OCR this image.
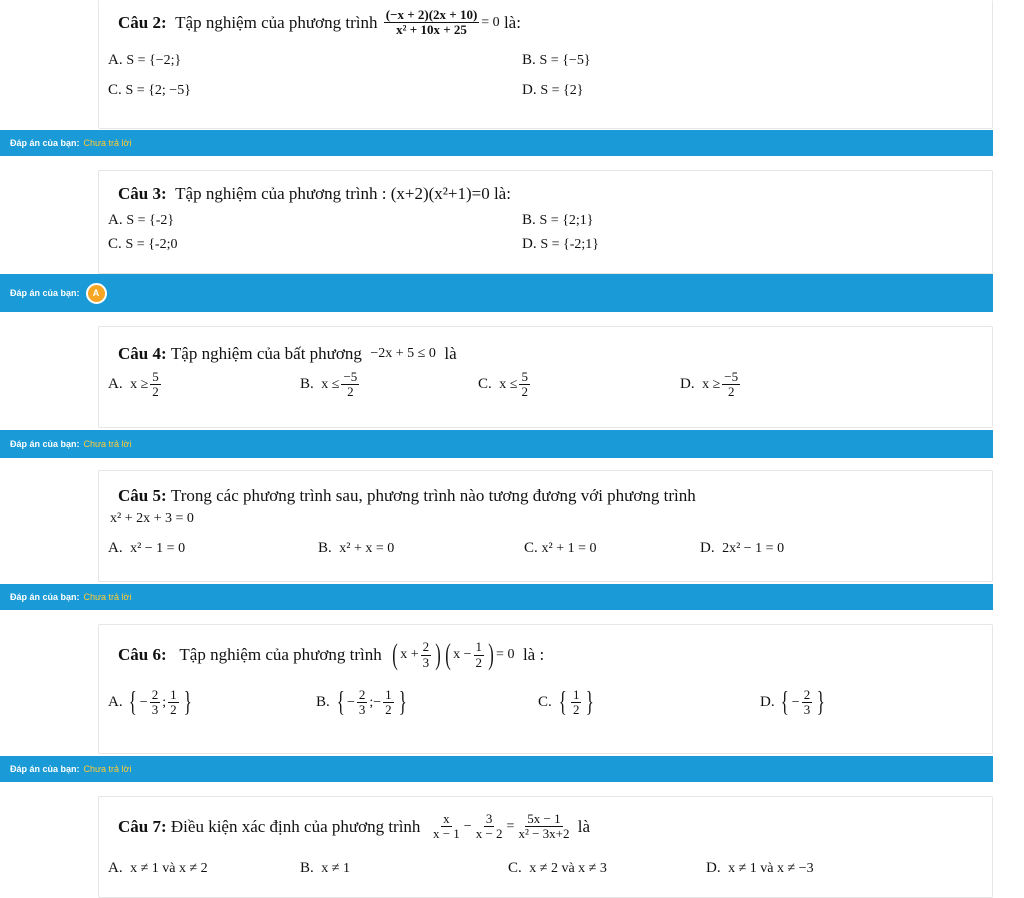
Câu 2:
Tập nghiệm của phương trình
$\frac{(-x + 2)(2x + 10)}{\text{x² + 10x + 25}} = 0$
là:
A.
S = {−2;}	B.
S = {−5}
C.
S = {2; −5}	D.
S = {2}
Đáp án của bạn: Chưa trả lời
Câu 3: Tập nghiệm của phương trình : (x+2)(x²+1)=0 là:
A.
S = {-2}	B.
S = {2;1}
C.
S = {-2;0	D.
S = {-2;1}
Đáp án của bạn:	A
Câu 4:
Tập nghiệm của bất phương
−2x + 5 ≤ 0
là
A.
$x \ge \frac{5}{2}$	B.
$x \le \frac{-5}{2}$	C.
$x \le \frac{5}{2}$	D.
$x \ge \frac{-5}{2}$
Đáp án của bạn: Chưa trả lời
Câu 5: Trong các phương trình sau, phương trình nào tương đương với phương trình
x² + 2x + 3 = 0
A.
x² − 1 = 0	B.
x² + x = 0	C.
x² + 1 = 0	D.
2x² − 1 = 0
Đáp án của bạn: Chưa trả lời
Câu 6:
Tập nghiệm của phương trình
( $x + \frac{2}{3}$ ) ( $x - \frac{1}{2}$ ) = 0
là :
A.
{ − $\frac{2}{3}$ ; $\frac{1}{2}$ }	B.
{ − $\frac{2}{3}$ ; − $\frac{1}{2}$ }	C.
{ $\frac{1}{2}$ }	D.
{ − $\frac{2}{3}$ }
Đáp án của bạn: Chưa trả lời
Câu 7:
Điều kiện xác định của phương trình
$\frac{x}{x - 1} - \frac{3}{x - 2} = \frac{5x - 1}{\text{x² − 3x+2}}$
là
A.
x ≠ 1 và x ≠ 2	B.
x ≠ 1	C.
x ≠ 2 và x ≠ 3	D.
x ≠ 1 và x ≠ −3
